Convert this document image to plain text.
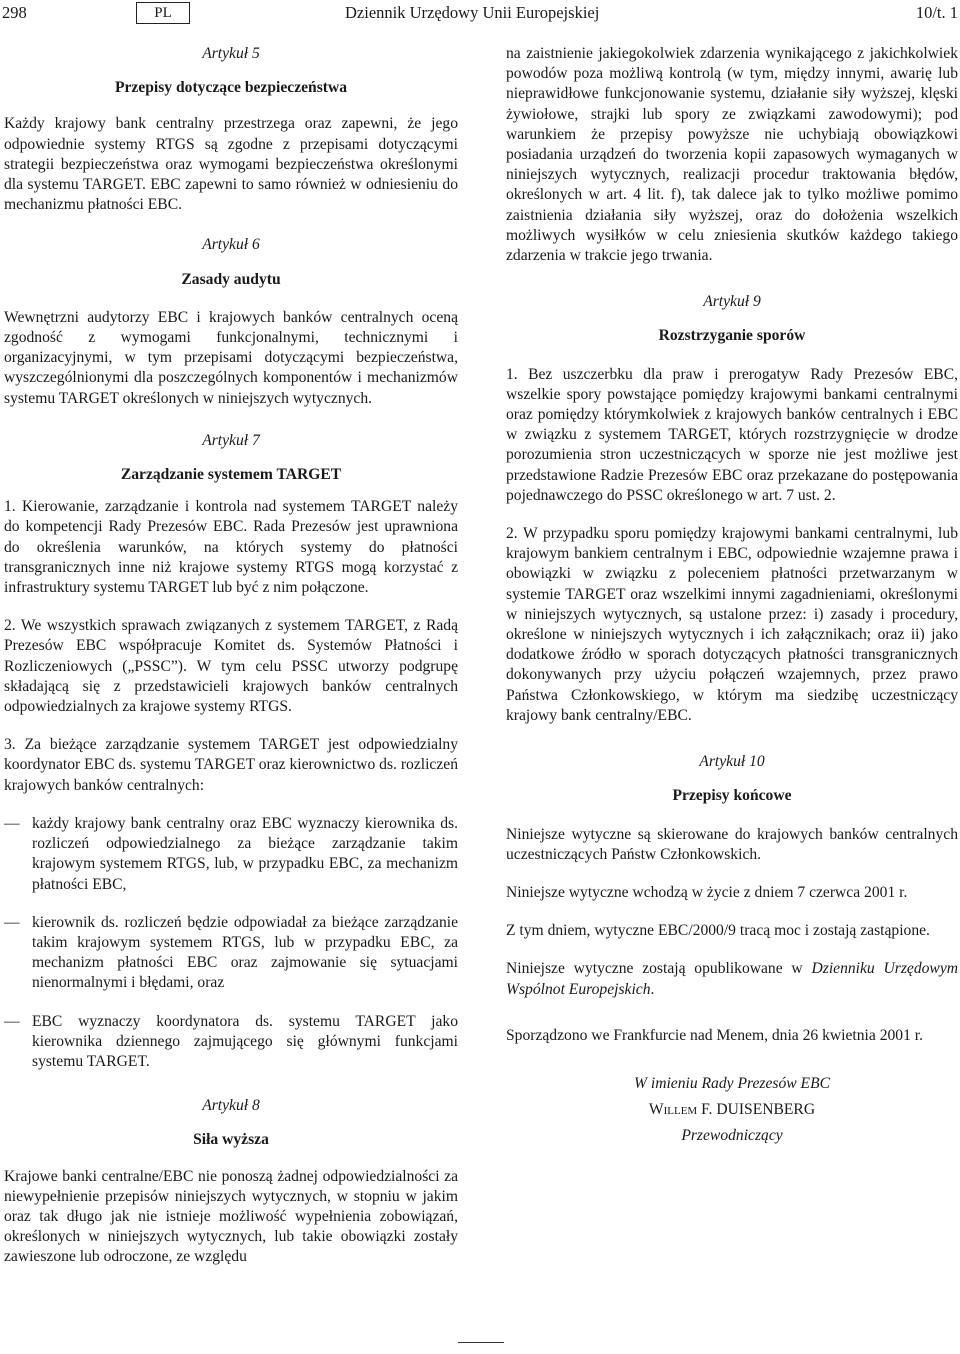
298	PL	Dziennik Urzędowy Unii Europejskiej	10/t. 1
Artykuł 5
Przepisy dotyczące bezpieczeństwa

Każdy krajowy bank centralny przestrzega oraz zapewni, że jego odpowiednie systemy RTGS są zgodne z przepisami dotyczącymi strategii bezpieczeństwa oraz wymogami bezpieczeństwa określonymi dla systemu TARGET. EBC zapewni to samo również w odniesieniu do mechanizmu płatności EBC.

Artykuł 6
Zasady audytu

Wewnętrzni audytorzy EBC i krajowych banków centralnych oceną zgodność z wymogami funkcjonalnymi, technicznymi i organizacyjnymi, w tym przepisami dotyczącymi bezpieczeństwa, wyszczególnionymi dla poszczególnych komponentów i mechanizmów systemu TARGET określonych w niniejszych wytycznych.

Artykuł 7
Zarządzanie systemem TARGET

1. Kierowanie, zarządzanie i kontrola nad systemem TARGET należy do kompetencji Rady Prezesów EBC. Rada Prezesów jest uprawniona do określenia warunków, na których systemy do płatności transgranicznych inne niż krajowe systemy RTGS mogą korzystać z infrastruktury systemu TARGET lub być z nim połączone.

2. We wszystkich sprawach związanych z systemem TARGET, z Radą Prezesów EBC współpracuje Komitet ds. Systemów Płatności i Rozliczeniowych („PSSC”). W tym celu PSSC utworzy podgrupę składającą się z przedstawicieli krajowych banków centralnych odpowiedzialnych za krajowe systemy RTGS.

3. Za bieżące zarządzanie systemem TARGET jest odpowiedzialny koordynator EBC ds. systemu TARGET oraz kierownictwo ds. rozliczeń krajowych banków centralnych:

— każdy krajowy bank centralny oraz EBC wyznaczy kierownika ds. rozliczeń odpowiedzialnego za bieżące zarządzanie takim krajowym systemem RTGS, lub, w przypadku EBC, za mechanizm płatności EBC,
— kierownik ds. rozliczeń będzie odpowiadał za bieżące zarządzanie takim krajowym systemem RTGS, lub w przypadku EBC, za mechanizm płatności EBC oraz zajmowanie się sytuacjami nienormalnymi i błędami, oraz
— EBC wyznaczy koordynatora ds. systemu TARGET jako kierownika dziennego zajmującego się głównymi funkcjami systemu TARGET.
Artykuł 8
Siła wyższa

Krajowe banki centralne/EBC nie ponoszą żadnej odpowiedzialności za niewypełnienie przepisów niniejszych wytycznych, w stopniu w jakim oraz tak długo jak nie istnieje możliwość wypełnienia zobowiązań, określonych w niniejszych wytycznych, lub takie obowiązki zostały zawieszone lub odroczone, ze względu

na zaistnienie jakiegokolwiek zdarzenia wynikającego z jakichkolwiek powodów poza możliwą kontrolą (w tym, między innymi, awarię lub nieprawidłowe funkcjonowanie systemu, działanie siły wyższej, klęski żywiołowe, strajki lub spory ze związkami zawodowymi); pod warunkiem że przepisy powyższe nie uchybiają obowiązkowi posiadania urządzeń do tworzenia kopii zapasowych wymaganych w niniejszych wytycznych, realizacji procedur traktowania błędów, określonych w art. 4 lit. f), tak dalece jak to tylko możliwe pomimo zaistnienia działania siły wyższej, oraz do dołożenia wszelkich możliwych wysiłków w celu zniesienia skutków każdego takiego zdarzenia w trakcie jego trwania.

Artykuł 9
Rozstrzyganie sporów

1. Bez uszczerbku dla praw i prerogatyw Rady Prezesów EBC, wszelkie spory powstające pomiędzy krajowymi bankami centralnymi oraz pomiędzy którymkolwiek z krajowych banków centralnych i EBC w związku z systemem TARGET, których rozstrzygnięcie w drodze porozumienia stron uczestniczących w sporze nie jest możliwe jest przedstawione Radzie Prezesów EBC oraz przekazane do postępowania pojednawczego do PSSC określonego w art. 7 ust. 2.

2. W przypadku sporu pomiędzy krajowymi bankami centralnymi, lub krajowym bankiem centralnym i EBC, odpowiednie wzajemne prawa i obowiązki w związku z poleceniem płatności przetwarzanym w systemie TARGET oraz wszelkimi innymi zagadnieniami, określonymi w niniejszych wytycznych, są ustalone przez: i) zasady i procedury, określone w niniejszych wytycznych i ich załącznikach; oraz ii) jako dodatkowe źródło w sporach dotyczących płatności transgranicznych dokonywanych przy użyciu połączeń wzajemnych, przez prawo Państwa Członkowskiego, w którym ma siedzibę uczestniczący krajowy bank centralny/EBC.

Artykuł 10
Przepisy końcowe

Niniejsze wytyczne są skierowane do krajowych banków centralnych uczestniczących Państw Członkowskich.

Niniejsze wytyczne wchodzą w życie z dniem 7 czerwca 2001 r.

Z tym dniem, wytyczne EBC/2000/9 tracą moc i zostają zastąpione.

Niniejsze wytyczne zostają opublikowane w Dzienniku Urzędowym Wspólnot Europejskich.

Sporządzono we Frankfurcie nad Menem, dnia 26 kwietnia 2001 r.

W imieniu Rady Prezesów EBC
Willem F. DUISENBERG
Przewodniczący
